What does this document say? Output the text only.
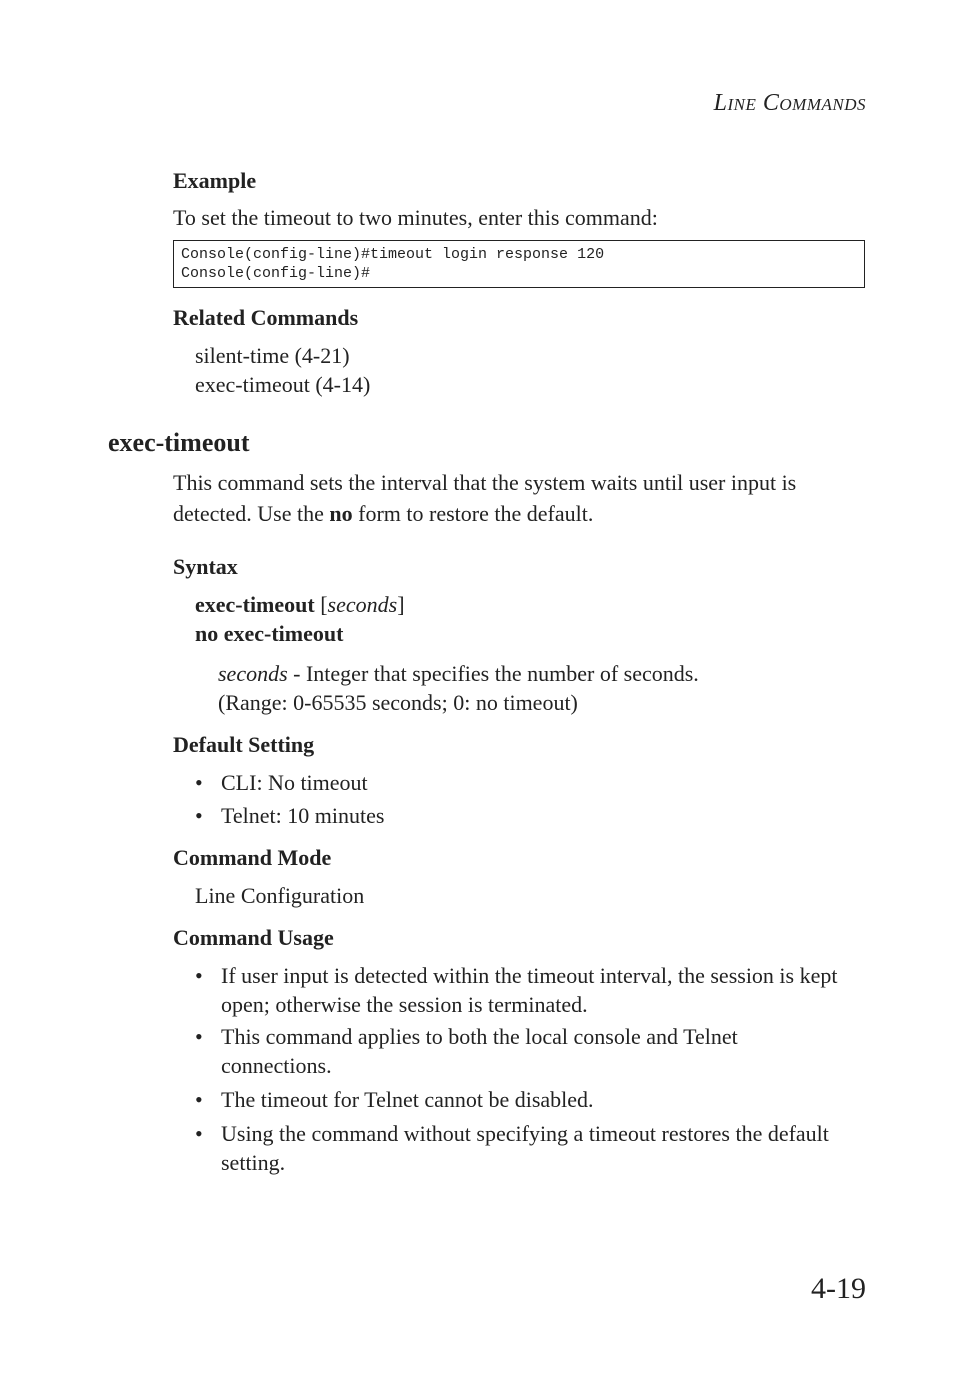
LINE COMMANDS
Example
To set the timeout to two minutes, enter this command:
Console(config-line)#timeout login response 120
Console(config-line)#
Related Commands
silent-time (4-21)
exec-timeout (4-14)
exec-timeout
This command sets the interval that the system waits until user input is
detected. Use the no form to restore the default.
Syntax
exec-timeout [seconds]
no exec-timeout
seconds - Integer that specifies the number of seconds.
(Range: 0-65535 seconds; 0: no timeout)
Default Setting
• CLI: No timeout
• Telnet: 10 minutes
Command Mode
Line Configuration
Command Usage
• If user input is detected within the timeout interval, the session is kept
open; otherwise the session is terminated.
• This command applies to both the local console and Telnet
connections.
• The timeout for Telnet cannot be disabled.
• Using the command without specifying a timeout restores the default
setting.
4-19
